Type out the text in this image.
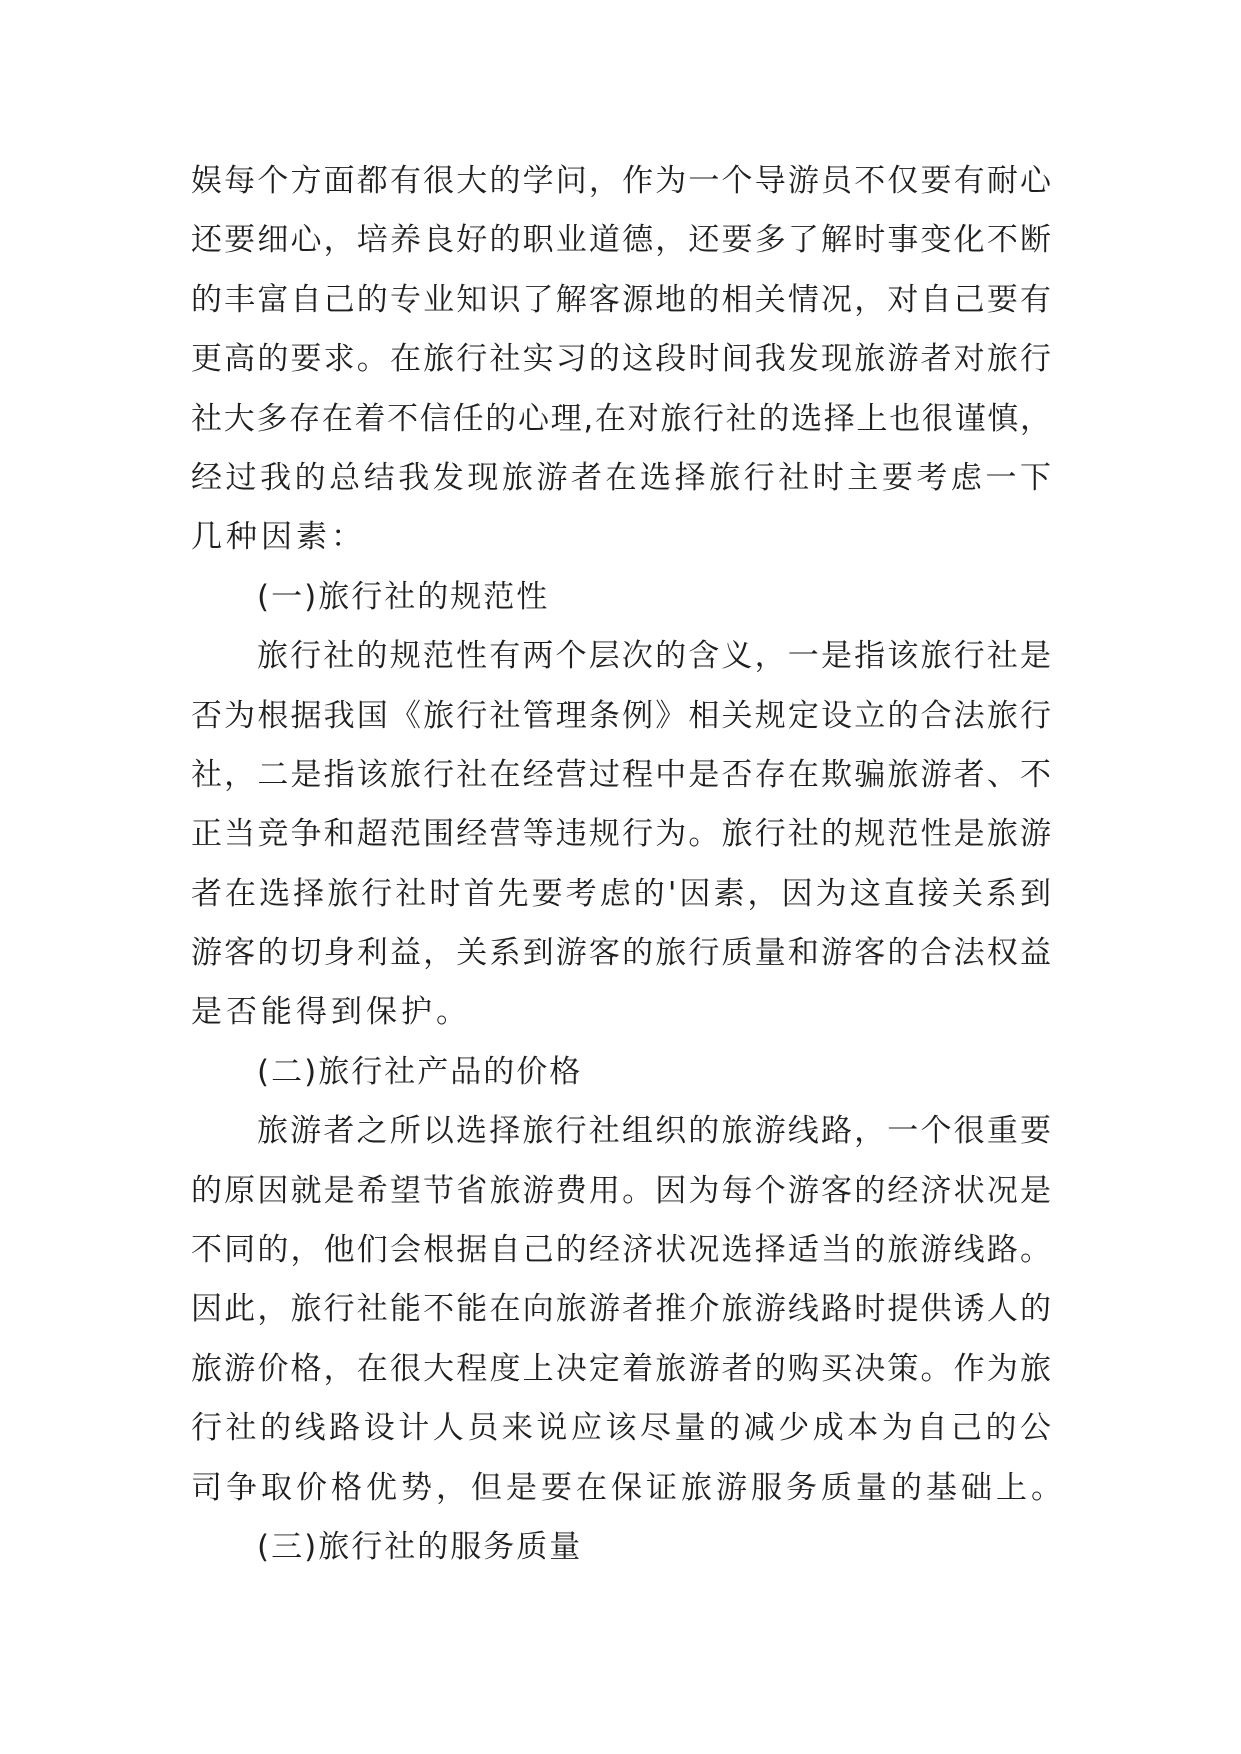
娱每个方面都有很大的学问，作为一个导游员不仅要有耐心
还要细心，培养良好的职业道德，还要多了解时事变化不断
的丰富自己的专业知识了解客源地的相关情况，对自己要有
更高的要求。在旅行社实习的这段时间我发现旅游者对旅行
社大多存在着不信任的心理,在对旅行社的选择上也很谨慎，
经过我的总结我发现旅游者在选择旅行社时主要考虑一下
几种因素：
(一)旅行社的规范性
旅行社的规范性有两个层次的含义，一是指该旅行社是
否为根据我国《旅行社管理条例》相关规定设立的合法旅行
社，二是指该旅行社在经营过程中是否存在欺骗旅游者、不
正当竞争和超范围经营等违规行为。旅行社的规范性是旅游
者在选择旅行社时首先要考虑的'因素，因为这直接关系到
游客的切身利益，关系到游客的旅行质量和游客的合法权益
是否能得到保护。
(二)旅行社产品的价格
旅游者之所以选择旅行社组织的旅游线路，一个很重要
的原因就是希望节省旅游费用。因为每个游客的经济状况是
不同的，他们会根据自己的经济状况选择适当的旅游线路。
因此，旅行社能不能在向旅游者推介旅游线路时提供诱人的
旅游价格，在很大程度上决定着旅游者的购买决策。作为旅
行社的线路设计人员来说应该尽量的减少成本为自己的公
司争取价格优势，但是要在保证旅游服务质量的基础上。
(三)旅行社的服务质量
